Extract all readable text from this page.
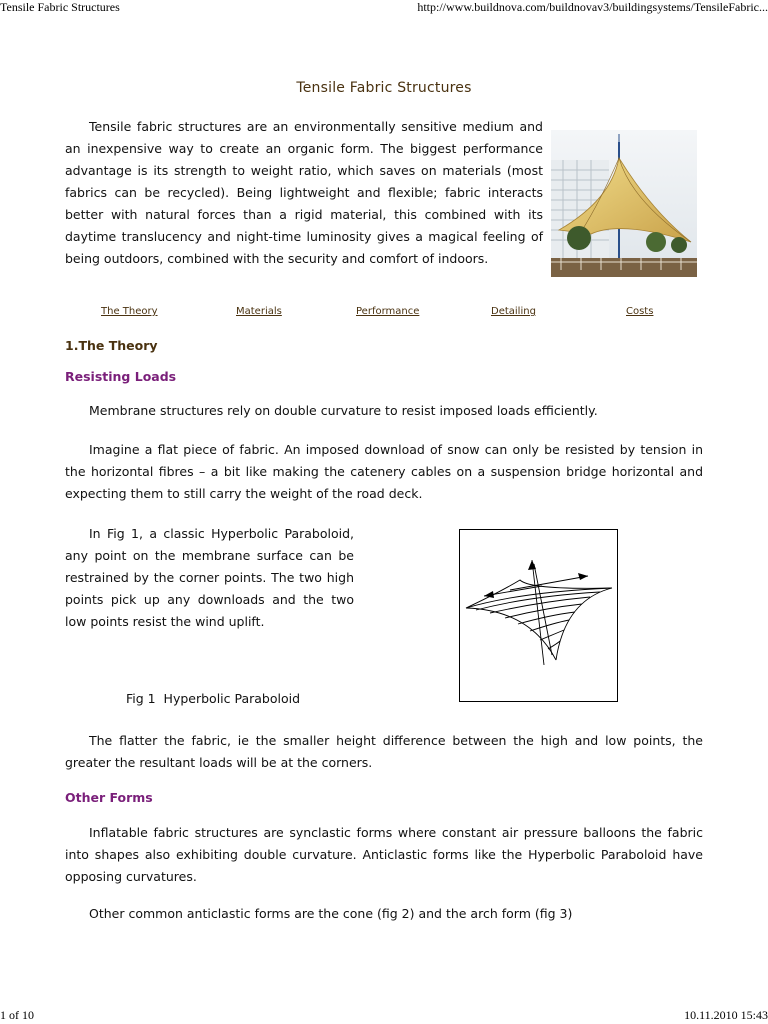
Tensile Fabric Structures	http://www.buildnova.com/buildnovav3/buildingsystems/TensileFabric...
Tensile Fabric Structures

Tensile fabric structures are an environmentally sensitive medium and an inexpensive way to create an organic form. The biggest performance advantage is its strength to weight ratio, which saves on materials (most fabrics can be recycled). Being lightweight and flexible; fabric interacts better with natural forces than a rigid material, this combined with its daytime translucency and night-time luminosity gives a magical feeling of being outdoors, combined with the security and comfort of indoors.

The Theory	Materials	Performance	Detailing	Costs
1.The Theory
Resisting Loads

Membrane structures rely on double curvature to resist imposed loads efficiently.

Imagine a flat piece of fabric. An imposed download of snow can only be resisted by tension in the horizontal fibres – a bit like making the catenery cables on a suspension bridge horizontal and expecting them to still carry the weight of the road deck.

In Fig 1, a classic Hyperbolic Paraboloid, any point on the membrane surface can be restrained by the corner points. The two high points pick up any downloads and the two low points resist the wind uplift.

Fig 1  Hyperbolic Paraboloid

The flatter the fabric, ie the smaller height difference between the high and low points, the greater the resultant loads will be at the corners.

Other Forms

Inflatable fabric structures are synclastic forms where constant air pressure balloons the fabric into shapes also exhibiting double curvature. Anticlastic forms like the Hyperbolic Paraboloid have opposing curvatures.

Other common anticlastic forms are the cone (fig 2) and the arch form (fig 3)

1 of 10	10.11.2010 15:43
